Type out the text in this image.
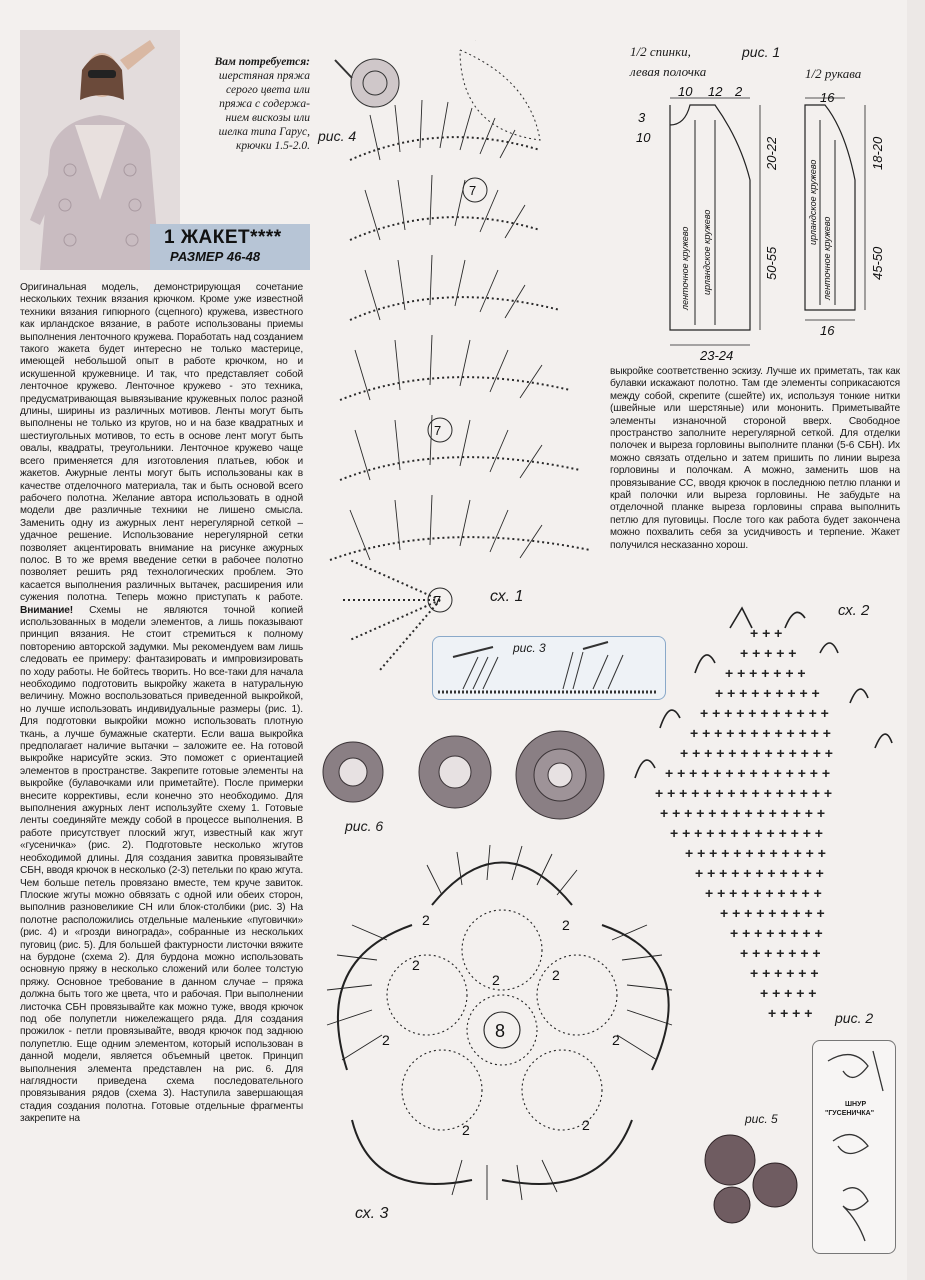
Вам потребуется:
шерстяная пряжа
серого цвета или
пряжа с содержа-
нием вискозы или
шелка типа Гарус,
крючки 1.5-2.0.
1 ЖАКЕТ****
РАЗМЕР 46-48
Оригинальная модель, демонстрирующая сочетание нескольких техник вязания крючком. Кроме уже известной техники вязания гипюрного (сцепного) кружева, известного как ирландское вязание, в работе использованы приемы выполнения ленточного кружева. Поработать над созданием такого жакета будет интересно не только мастерице, имеющей небольшой опыт в работе крючком, но и искушенной кружевнице. И так, что представляет собой ленточное кружево. Ленточное кружево - это техника, предусматривающая вывязывание кружевных полос разной длины, ширины из различных мотивов. Ленты могут быть выполнены не только из кругов, но и на базе квадратных и шестиугольных мотивов, то есть в основе лент могут быть овалы, квадраты, треугольники. Ленточное кружево чаще всего применяется для изготовления платьев, юбок и жакетов. Ажурные ленты могут быть использованы как в качестве отделочного материала, так и быть основой всего рабочего полотна. Желание автора использовать в одной модели две различные техники не лишено смысла. Заменить одну из ажурных лент нерегулярной сеткой – удачное решение. Использование нерегулярной сетки позволяет акцентировать внимание на рисунке ажурных полос. В то же время введение сетки в рабочее полотно позволяет решить ряд технологических проблем. Это касается выполнения различных вытачек, расширения или сужения полотна. Теперь можно приступать к работе. Внимание! Схемы не являются точной копией использованных в модели элементов, а лишь показывают принцип вязания. Не стоит стремиться к полному повторению авторской задумки. Мы рекомендуем вам лишь следовать ее примеру: фантазировать и импровизировать по ходу работы. Не бойтесь творить. Но все-таки для начала необходимо подготовить выкройку жакета в натуральную величину. Можно воспользоваться приведенной выкройкой, но лучше использовать индивидуальные размеры (рис. 1). Для подготовки выкройки можно использовать плотную ткань, а лучше бумажные скатерти. Если ваша выкройка предполагает наличие вытачки – заложите ее. На готовой выкройке нарисуйте эскиз. Это поможет с ориентацией элементов в пространстве. Закрепите готовые элементы на выкройке (булавочками или приметайте). После примерки внесите коррективы, если конечно это необходимо. Для выполнения ажурных лент используйте схему 1. Готовые ленты соединяйте между собой в процессе выполнения. В работе присутствует плоский жгут, известный как жгут «гусеничка» (рис. 2). Подготовьте несколько жгутов необходимой длины. Для создания завитка провязывайте СБН, вводя крючок в несколько (2-3) петельки по краю жгута. Чем больше петель провязано вместе, тем круче завиток. Плоские жгуты можно обвязать с одной или обеих сторон, выполнив разновеликие СН или блок-столбики (рис. 3) На полотне расположились отдельные маленькие «пуговички» (рис. 4) и «грозди винограда», собранные из нескольких пуговиц (рис. 5). Для большей фактурности листочки вяжите на бурдоне (схема 2). Для бурдона можно использовать основную пряжу в несколько сложений или более толстую пряжу. Основное требование в данном случае – пряжа должна быть того же цвета, что и рабочая. При выполнении листочка СБН провязывайте как можно туже, вводя крючок под обе полупетли нижележащего ряда. Для создания прожилок - петли провязывайте, вводя крючок под заднюю полупетлю. Еще одним элементом, который использован в данной модели, является объемный цветок. Принцип выполнения элемента представлен на рис. 6. Для наглядности приведена схема последовательного провязывания рядов (схема 3). Наступила завершающая стадия создания полотна. Готовые отдельные фрагменты закрепите на
выкройке соответственно эскизу. Лучше их приметать, так как булавки искажают полотно. Там где элементы соприкасаются между собой, скрепите (сшейте) их, используя тонкие нитки (швейные или шерстяные) или мононить. Приметывайте элементы изнаночной стороной вверх. Свободное пространство заполните нерегулярной сеткой. Для отделки полочек и выреза горловины выполните планки (5-6 СБН). Их можно связать отдельно и затем пришить по линии выреза горловины и полочкам. А можно, заменить шов на провязывание СС, вводя крючок в последнюю петлю планки и край полочки или выреза горловины. Не забудьте на отделочной планке выреза горловины справа выполнить петлю для пуговицы. После того как работа будет закончена можно похвалить себя за усидчивость и терпение. Жакет получился несказанно хорош.
7
7
7
рис. 4
сх. 1
1/2 спинки,
левая полочка
рис. 1
1/2 рукава
10 12 2
3
10
23-24
16
16
20-22
50-55
18-20
45-50
ленточное кружево ирландское кружево
ирландское кружево
ленточное кружево
рис. 3
рис. 6
8
2	2
2
2
2
2
2
2	2
сх. 3
+ + +
+ + + + +
+ + + + + + +
+ + + + + + + + +
+ + + + + + + + + + +
+ + + + + + + + + + + +
+ + + + + + + + + + + + +
+ + + + + + + + + + + + + +
+ + + + + + + + + + + + + + +
+ + + + + + + + + + + + + +
+ + + + + + + + + + + + +
+ + + + + + + + + + + +
+ + + + + + + + + + +
+ + + + + + + + + +
+ + + + + + + + +
+ + + + + + + +
+ + + + + + +
+ + + + + +
+ + + + +
+ + + +
сх. 2
рис. 2
рис. 5
ШНУР
"ГУСЕНИЧКА"
